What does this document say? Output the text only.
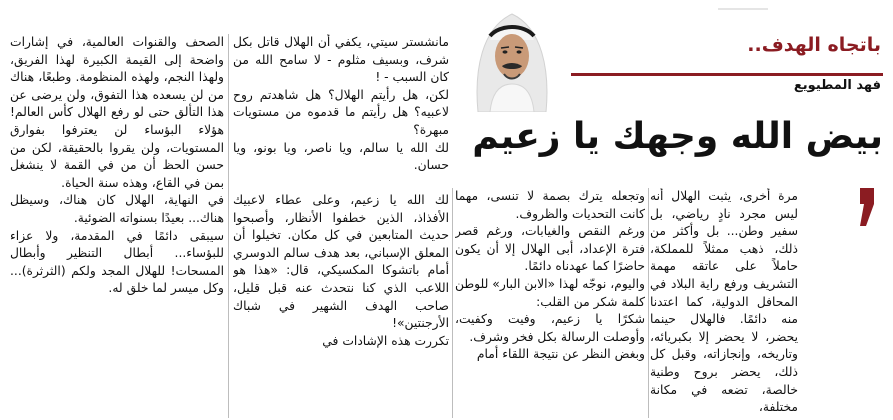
باتجاه الهدف..
فهد المطيويع
بيض الله وجهك يا زعيم

مرة أخرى، يثبت الهلال أنه ليس مجرد نادٍ رياضي، بل سفير وطن... بل وأكثر من ذلك، ذهب ممثلاً للمملكة، حاملاً على عاتقه مهمة التشريف ورفع راية البلاد في المحافل الدولية، كما اعتدنا منه دائمًا. فالهلال حينما يحضر، لا يحضر إلا بكبريائه، وتاريخه، وإنجازاته، وقبل كل ذلك، يحضر بروح وطنية خالصة، تضعه في مكانة مختلفة،

وتجعله يترك بصمة لا تنسى، مهما كانت التحديات والظروف.

ورغم النقص والغيابات، ورغم قصر فترة الإعداد، أبى الهلال إلا أن يكون حاضرًا كما عهدناه دائمًا.

واليوم، نوجّه لهذا «الابن البار» للوطن كلمة شكر من القلب:

شكرًا يا زعيم، وفيت وكفيت، وأوصلت الرسالة بكل فخر وشرف.

وبغض النظر عن نتيجة اللقاء أمام

مانشستر سيتي، يكفي أن الهلال قاتل بكل شرف، وبسيف مثلوم - لا سامح الله من كان السبب - !

لكن، هل رأيتم الهلال؟ هل شاهدتم روح لاعبيه؟ هل رأيتم ما قدموه من مستويات مبهرة؟

لك الله يا سالم، ويا ناصر، ويا بونو، ويا حسان.

لك الله يا زعيم، وعلى عطاء لاعبيك الأفذاذ، الذين خطفوا الأنظار، وأصبحوا حديث المتابعين في كل مكان. تخيلوا أن المعلق الإسباني، بعد هدف سالم الدوسري أمام باتشوكا المكسيكي، قال: «هذا هو اللاعب الذي كنا نتحدث عنه قبل قليل، صاحب الهدف الشهير في شباك الأرجنتين»!

تكررت هذه الإشادات في

الصحف والقنوات العالمية، في إشارات واضحة إلى القيمة الكبيرة لهذا الفريق، ولهذا النجم، ولهذه المنظومة. وطبعًا، هناك من لن يسعده هذا التفوق، ولن يرضى عن هذا التألق حتى لو رفع الهلال كأس العالم! هؤلاء البؤساء لن يعترفوا بفوارق المستويات، ولن يقروا بالحقيقة، لكن من حسن الحظ أن من في القمة لا ينشغل بمن في القاع، وهذه سنة الحياة.

في النهاية، الهلال كان هناك، وسيظل هناك... بعيدًا بسنواته الضوئية.

سيبقى دائمًا في المقدمة، ولا عزاء للبؤساء... أبطال التنظير وأبطال المسحات! للهلال المجد ولكم (الثرثرة)... وكل ميسر لما خلق له.
